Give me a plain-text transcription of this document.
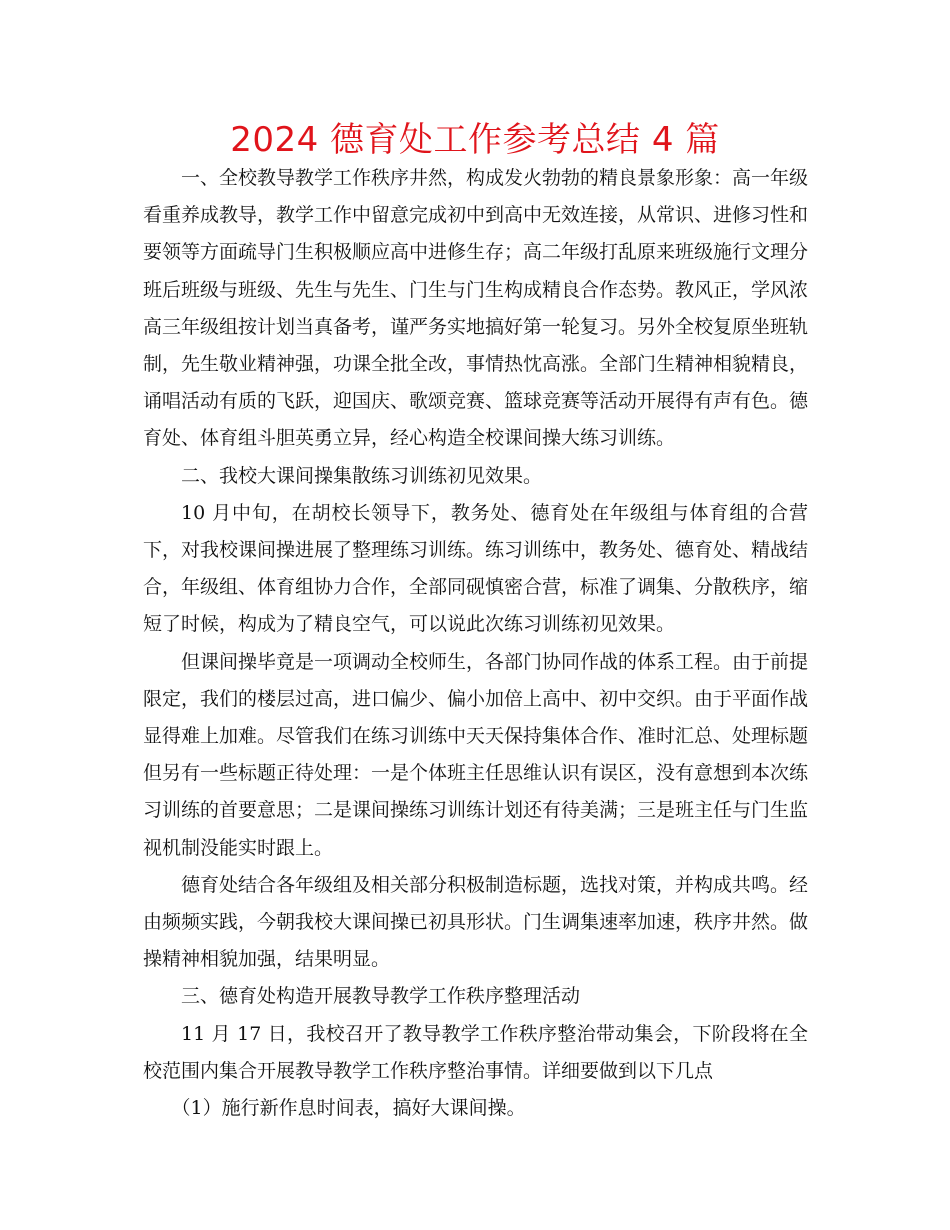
2024 德育处工作参考总结 4 篇

一、全校教导教学工作秩序井然，构成发火勃勃的精良景象形象：高一年级看重养成教导，教学工作中留意完成初中到高中无效连接，从常识、进修习性和要领等方面疏导门生积极顺应高中进修生存；高二年级打乱原来班级施行文理分班后班级与班级、先生与先生、门生与门生构成精良合作态势。教风正，学风浓高三年级组按计划当真备考，谨严务实地搞好第一轮复习。另外全校复原坐班轨制，先生敬业精神强，功课全批全改，事情热忱高涨。全部门生精神相貌精良，诵唱活动有质的飞跃，迎国庆、歌颂竞赛、篮球竞赛等活动开展得有声有色。德育处、体育组斗胆英勇立异，经心构造全校课间操大练习训练。

二、我校大课间操集散练习训练初见效果。

10 月中旬，在胡校长领导下，教务处、德育处在年级组与体育组的合营下，对我校课间操进展了整理练习训练。练习训练中，教务处、德育处、精战结合，年级组、体育组协力合作，全部同砚慎密合营，标准了调集、分散秩序，缩短了时候，构成为了精良空气，可以说此次练习训练初见效果。

但课间操毕竟是一项调动全校师生，各部门协同作战的体系工程。由于前提限定，我们的楼层过高，进口偏少、偏小加倍上高中、初中交织。由于平面作战显得难上加难。尽管我们在练习训练中天天保持集体合作、准时汇总、处理标题但另有一些标题正待处理：一是个体班主任思维认识有误区，没有意想到本次练习训练的首要意思；二是课间操练习训练计划还有待美满；三是班主任与门生监视机制没能实时跟上。

德育处结合各年级组及相关部分积极制造标题，选找对策，并构成共鸣。经由频频实践，今朝我校大课间操已初具形状。门生调集速率加速，秩序井然。做操精神相貌加强，结果明显。

三、德育处构造开展教导教学工作秩序整理活动

11 月 17 日，我校召开了教导教学工作秩序整治带动集会，下阶段将在全校范围内集合开展教导教学工作秩序整治事情。详细要做到以下几点

（1）施行新作息时间表，搞好大课间操。
